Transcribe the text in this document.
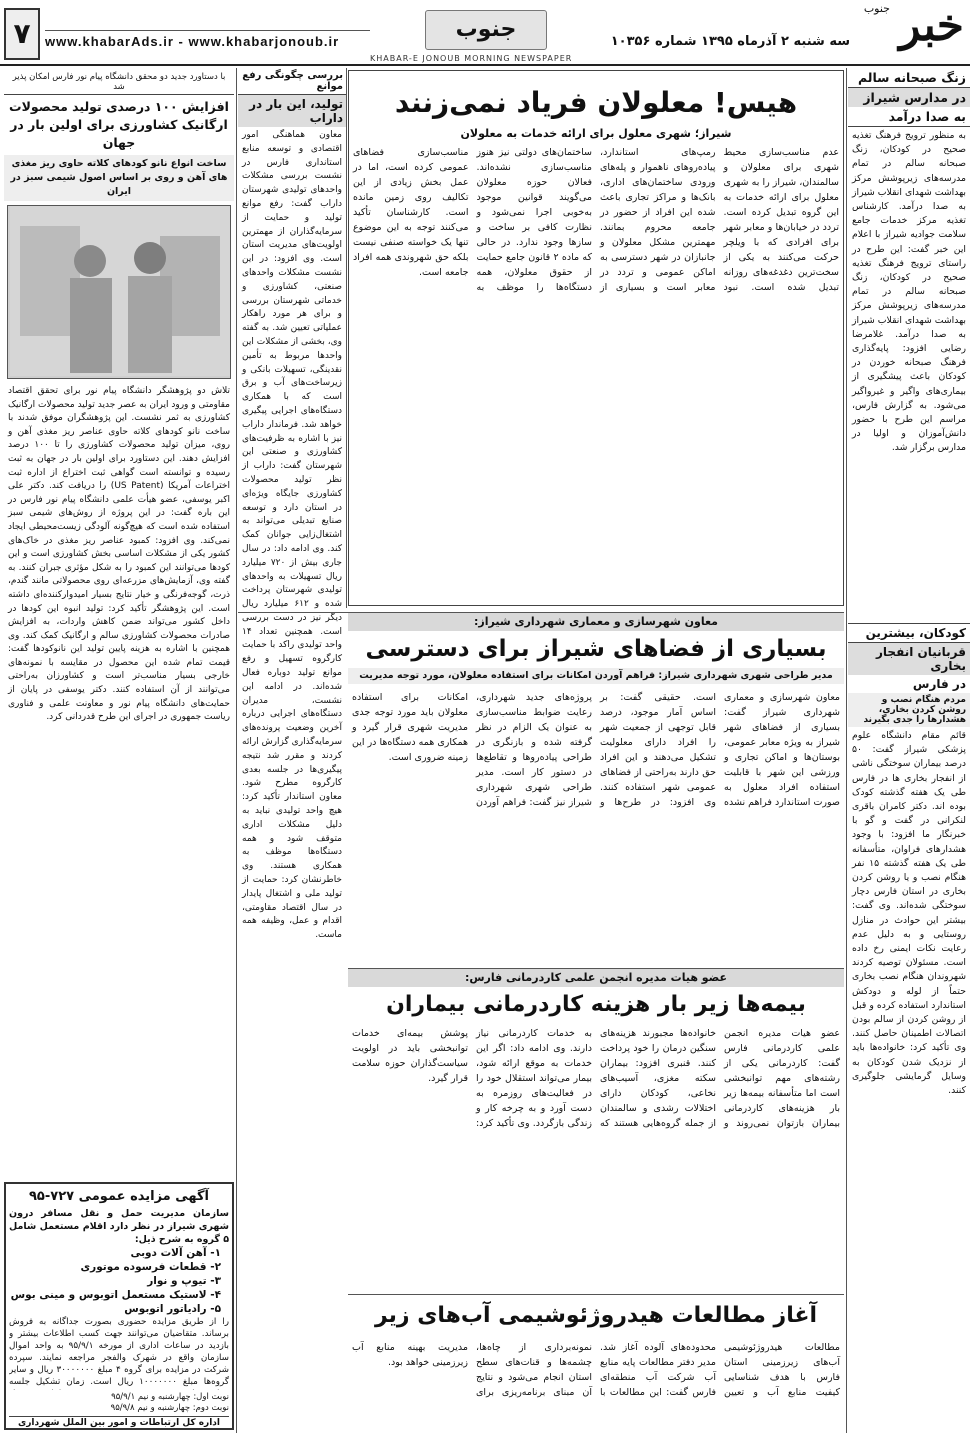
خبر
جنوب
سه شنبه ۲ آذرماه ۱۳۹۵ شماره ۱۰۳۵۶
جنوب
www.khabarAds.ir - www.khabarjonoub.ir
KHABAR-E JONOUB MORNING NEWSPAPER
۷
زنگ صبحانه سالم
در مدارس شیراز
به صدا درآمد
به منظور ترویج فرهنگ تغذیه صحیح در کودکان، زنگ صبحانه سالم در تمام مدرسه‌های زیرپوشش مرکز بهداشت شهدای انقلاب شیراز به صدا درآمد. کارشناس تغذیه مرکز خدمات جامع سلامت جوادیه شیراز با اعلام این خبر گفت: این طرح در راستای ترویج فرهنگ تغذیه صحیح در کودکان، زنگ صبحانه سالم در تمام مدرسه‌های زیرپوشش مرکز بهداشت شهدای انقلاب شیراز به صدا درآمد. غلامرضا رضایی افزود: پایه‌گذاری فرهنگ صبحانه خوردن در کودکان باعث پیشگیری از بیماری‌های واگیر و غیرواگیر می‌شود. به گزارش فارس، مراسم این طرح با حضور دانش‌آموزان و اولیا در مدارس برگزار شد.
کودکان، بیشترین
قربانیان انفجار بخاری
در فارس
مردم هنگام نصب و روشن کردن بخاری، هشدارها را جدی بگیرند
قائم مقام دانشگاه علوم پزشکی شیراز گفت: ۵۰ درصد بیماران سوختگی ناشی از انفجار بخاری ها در فارس طی یک هفته گذشته کودک بوده اند. دکتر کامران باقری لنکرانی در گفت و گو با خبرنگار ما افزود: با وجود هشدارهای فراوان، متأسفانه طی یک هفته گذشته ۱۵ نفر هنگام نصب و یا روشن کردن بخاری در استان فارس دچار سوختگی شده‌اند. وی گفت: بیشتر این حوادث در منازل روستایی و به دلیل عدم رعایت نکات ایمنی رخ داده است. مسئولان توصیه کردند شهروندان هنگام نصب بخاری حتماً از لوله و دودکش استاندارد استفاده کرده و قبل از روشن کردن از سالم بودن اتصالات اطمینان حاصل کنند. وی تأکید کرد: خانواده‌ها باید از نزدیک شدن کودکان به وسایل گرمایشی جلوگیری کنند.
هیس! معلولان فریاد نمی‌زنند
شیراز؛ شهری معلول برای ارائه خدمات به معلولان
عدم مناسب‌سازی محیط شهری برای معلولان و سالمندان، شیراز را به شهری معلول برای ارائه خدمات به این گروه تبدیل کرده است. تردد در خیابان‌ها و معابر شهر برای افرادی که با ویلچر حرکت می‌کنند به یکی از سخت‌ترین دغدغه‌های روزانه تبدیل شده است. نبود رمپ‌های استاندارد، پیاده‌روهای ناهموار و پله‌های ورودی ساختمان‌های اداری، بانک‌ها و مراکز تجاری باعث شده این افراد از حضور در جامعه محروم بمانند. مهمترین مشکل معلولان و جانبازان در شهر دسترسی به اماکن عمومی و تردد در معابر است و بسیاری از ساختمان‌های دولتی نیز هنوز مناسب‌سازی نشده‌اند. فعالان حوزه معلولان می‌گویند قوانین موجود به‌خوبی اجرا نمی‌شود و نظارت کافی بر ساخت و سازها وجود ندارد. در حالی که ماده ۲ قانون جامع حمایت از حقوق معلولان، همه دستگاه‌ها را موظف به مناسب‌سازی فضاهای عمومی کرده است، اما در عمل بخش زیادی از این تکالیف روی زمین مانده است. کارشناسان تأکید می‌کنند توجه به این موضوع تنها یک خواسته صنفی نیست بلکه حق شهروندی همه افراد جامعه است.
بررسی چگونگی رفع موانع
تولید، این بار در داراب
معاون هماهنگی امور اقتصادی و توسعه منابع استانداری فارس در نشست بررسی مشکلات واحدهای تولیدی شهرستان داراب گفت: رفع موانع تولید و حمایت از سرمایه‌گذاران از مهمترین اولویت‌های مدیریت استان است. وی افزود: در این نشست مشکلات واحدهای صنعتی، کشاورزی و خدماتی شهرستان بررسی و برای هر مورد راهکار عملیاتی تعیین شد. به گفته وی، بخشی از مشکلات این واحدها مربوط به تأمین نقدینگی، تسهیلات بانکی و زیرساخت‌های آب و برق است که با همکاری دستگاه‌های اجرایی پیگیری خواهد شد. فرماندار داراب نیز با اشاره به ظرفیت‌های کشاورزی و صنعتی این شهرستان گفت: داراب از نظر تولید محصولات کشاورزی جایگاه ویژه‌ای در استان دارد و توسعه صنایع تبدیلی می‌تواند به اشتغال‌زایی جوانان کمک کند. وی ادامه داد: در سال جاری بیش از ۷۲۰ میلیارد ریال تسهیلات به واحدهای تولیدی شهرستان پرداخت شده و ۶۱۲ میلیارد ریال دیگر نیز در دست بررسی است. همچنین تعداد ۱۴ واحد تولیدی راکد با حمایت کارگروه تسهیل و رفع موانع تولید دوباره فعال شده‌اند. در ادامه این نشست، مدیران دستگاه‌های اجرایی درباره آخرین وضعیت پرونده‌های سرمایه‌گذاری گزارش ارائه کردند و مقرر شد نتیجه پیگیری‌ها در جلسه بعدی کارگروه مطرح شود. معاون استاندار تأکید کرد: هیچ واحد تولیدی نباید به دلیل مشکلات اداری متوقف شود و همه دستگاه‌ها موظف به همکاری هستند. وی خاطرنشان کرد: حمایت از تولید ملی و اشتغال پایدار در سال اقتصاد مقاومتی، اقدام و عمل، وظیفه همه ماست.
معاون شهرسازی و معماری شهرداری شیراز:
بسیاری از فضاهای شیراز برای دسترسی
مدیر طراحی شهری شهرداری شیراز: فراهم آوردن امکانات برای استفاده معلولان، مورد توجه مدیریت
معاون شهرسازی و معماری شهرداری شیراز گفت: بسیاری از فضاهای شهر شیراز به ویژه معابر عمومی، بوستان‌ها و اماکن تجاری و ورزشی این شهر با قابلیت استفاده افراد معلول به صورت استاندارد فراهم نشده است. حقیقی گفت: بر اساس آمار موجود، درصد قابل توجهی از جمعیت شهر را افراد دارای معلولیت تشکیل می‌دهند و این افراد حق دارند به‌راحتی از فضاهای عمومی شهر استفاده کنند. وی افزود: در طرح‌ها و پروژه‌های جدید شهرداری، رعایت ضوابط مناسب‌سازی به عنوان یک الزام در نظر گرفته شده و بازنگری در طراحی پیاده‌روها و تقاطع‌ها در دستور کار است. مدیر طراحی شهری شهرداری شیراز نیز گفت: فراهم آوردن امکانات برای استفاده معلولان باید مورد توجه جدی مدیریت شهری قرار گیرد و همکاری همه دستگاه‌ها در این زمینه ضروری است.
عضو هیات مدیره انجمن علمی کاردرمانی فارس:
بیمه‌ها زیر بار هزینه کاردرمانی بیماران
عضو هیات مدیره انجمن علمی کاردرمانی فارس گفت: کاردرمانی یکی از رشته‌های مهم توانبخشی است اما متأسفانه بیمه‌ها زیر بار هزینه‌های کاردرمانی بیماران بازتوان نمی‌روند و خانواده‌ها مجبورند هزینه‌های سنگین درمان را خود پرداخت کنند. قنبری افزود: بیماران سکته مغزی، آسیب‌های نخاعی، کودکان دارای اختلالات رشدی و سالمندان از جمله گروه‌هایی هستند که به خدمات کاردرمانی نیاز دارند. وی ادامه داد: اگر این خدمات به موقع ارائه شود، بیمار می‌تواند استقلال خود را در فعالیت‌های روزمره به دست آورد و به چرخه کار و زندگی بازگردد. وی تأکید کرد: پوشش بیمه‌ای خدمات توانبخشی باید در اولویت سیاست‌گذاران حوزه سلامت قرار گیرد.
آغاز مطالعات هیدروژئوشیمی آب‌های زیر
مطالعات هیدروژئوشیمی آب‌های زیرزمینی استان فارس با هدف شناسایی کیفیت منابع آب و تعیین محدوده‌های آلوده آغاز شد. مدیر دفتر مطالعات پایه منابع آب شرکت آب منطقه‌ای فارس گفت: این مطالعات با نمونه‌برداری از چاه‌ها، چشمه‌ها و قنات‌های سطح استان انجام می‌شود و نتایج آن مبنای برنامه‌ریزی برای مدیریت بهینه منابع آب زیرزمینی خواهد بود.
با دستاورد جدید دو محقق دانشگاه پیام نور فارس امکان پذیر شد
افزایش ۱۰۰ درصدی تولید محصولات ارگانیک کشاورزی برای اولین بار در جهان
ساخت انواع نانو کودهای کلاته حاوی ریز مغذی های آهن و روی بر اساس اصول شیمی سبز در ایران
تلاش دو پژوهشگر دانشگاه پیام نور برای تحقق اقتصاد مقاومتی و ورود ایران به عصر جدید تولید محصولات ارگانیک کشاورزی به ثمر نشست. این پژوهشگران موفق شدند با ساخت نانو کودهای کلاته حاوی عناصر ریز مغذی آهن و روی، میزان تولید محصولات کشاورزی را تا ۱۰۰ درصد افزایش دهند. این دستاورد برای اولین بار در جهان به ثبت رسیده و توانسته است گواهی ثبت اختراع از اداره ثبت اختراعات آمریکا (US Patent) را دریافت کند. دکتر علی اکبر یوسفی، عضو هیأت علمی دانشگاه پیام نور فارس در این باره گفت: در این پروژه از روش‌های شیمی سبز استفاده شده است که هیچ‌گونه آلودگی زیست‌محیطی ایجاد نمی‌کند. وی افزود: کمبود عناصر ریز مغذی در خاک‌های کشور یکی از مشکلات اساسی بخش کشاورزی است و این کودها می‌توانند این کمبود را به شکل مؤثری جبران کنند. به گفته وی، آزمایش‌های مزرعه‌ای روی محصولاتی مانند گندم، ذرت، گوجه‌فرنگی و خیار نتایج بسیار امیدوارکننده‌ای داشته است. این پژوهشگر تأکید کرد: تولید انبوه این کودها در داخل کشور می‌تواند ضمن کاهش واردات، به افزایش صادرات محصولات کشاورزی سالم و ارگانیک کمک کند. وی همچنین با اشاره به هزینه پایین تولید این نانوکودها گفت: قیمت تمام شده این محصول در مقایسه با نمونه‌های خارجی بسیار مناسب‌تر است و کشاورزان به‌راحتی می‌توانند از آن استفاده کنند. دکتر یوسفی در پایان از حمایت‌های دانشگاه پیام نور و معاونت علمی و فناوری ریاست جمهوری در اجرای این طرح قدردانی کرد.
آگهی مزایده عمومی ۷۲۷-۹۵
سازمان مدیریت حمل و نقل مسافر درون شهری شیراز در نظر دارد اقلام مستعمل شامل ۵ گروه به شرح ذیل:
۱- آهن آلات دوبی
۲- قطعات فرسوده موتوری
۳- تیوپ و نوار
۴- لاستیک مستعمل اتوبوس و مینی بوس
۵- رادیاتور اتوبوس
را از طریق مزایده حضوری بصورت جداگانه به فروش برساند. متقاضیان می‌توانند جهت کسب اطلاعات بیشتر و بازدید در ساعات اداری از مورخه ۹۵/۹/۱ به واحد اموال سازمان واقع در شهرک والفجر مراجعه نمایند. سپرده شرکت در مزایده برای گروه ۴ مبلغ ۳۰۰۰۰۰۰۰ ریال و سایر گروه‌ها مبلغ ۱۰۰۰۰۰۰۰ ریال است. زمان تشکیل جلسه
نوبت اول: چهارشنبه و نیم ۹۵/۹/۱
نوبت دوم: چهارشنبه و نیم ۹۵/۹/۸
اداره کل ارتباطات و امور بین الملل شهرداری
